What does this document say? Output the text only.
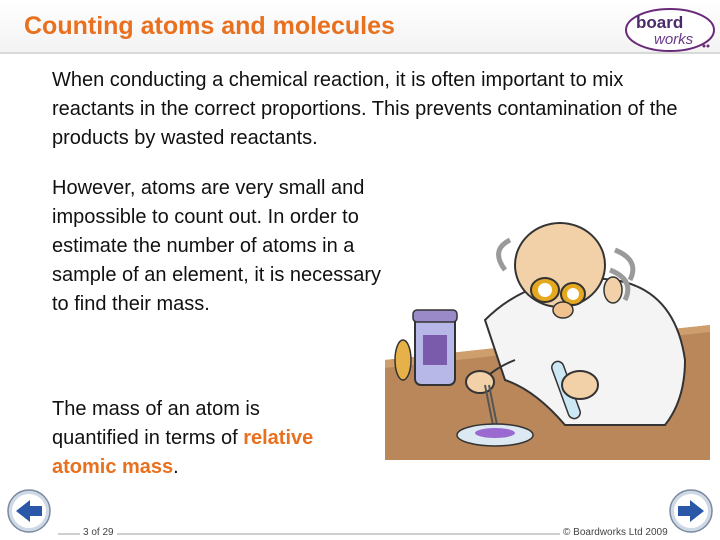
Counting atoms and molecules	board
works

When conducting a chemical reaction, it is often important to mix reactants in the correct proportions. This prevents contamination of the products by wasted reactants.

However, atoms are very small and impossible to count out. In order to estimate the number of atoms in a sample of an element, it is necessary to find their mass.

The mass of an atom is quantified in terms of relative atomic mass.

3 of 29	© Boardworks Ltd 2009
